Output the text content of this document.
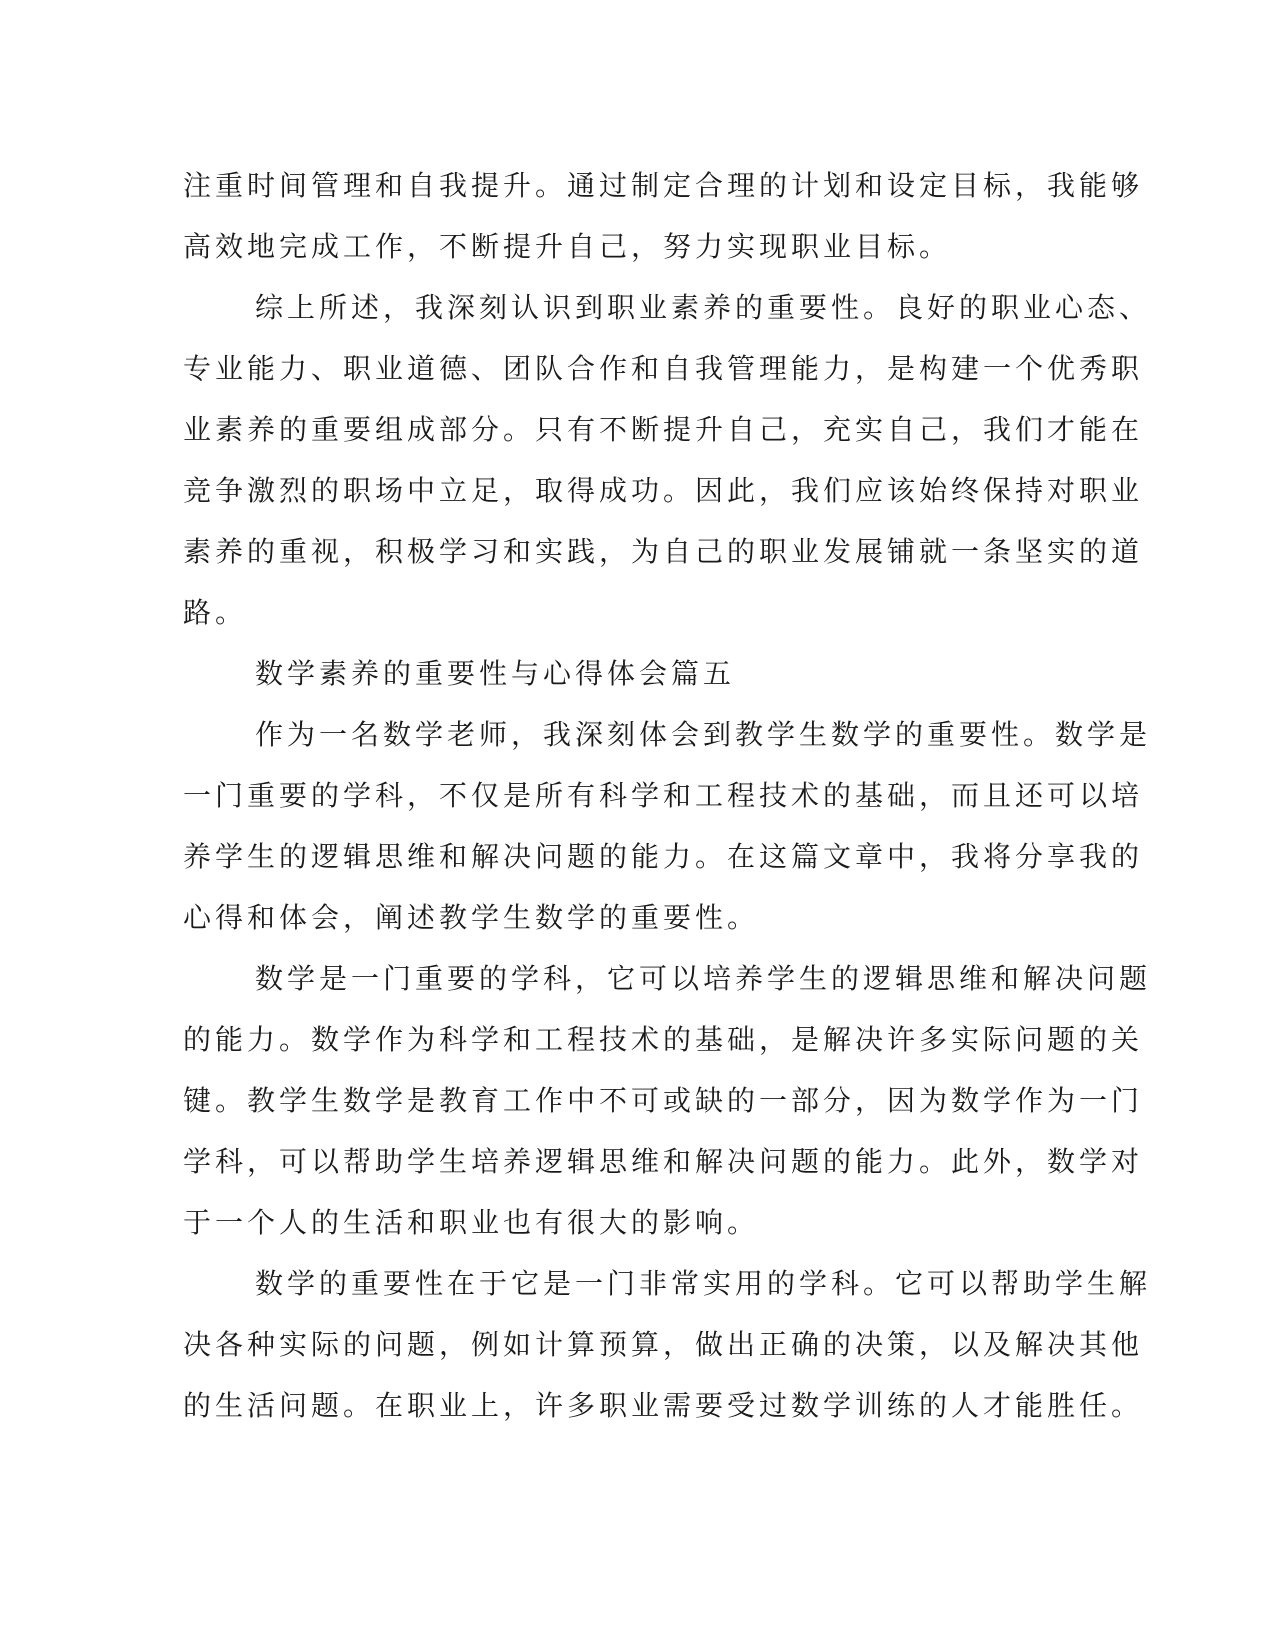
注重时间管理和自我提升。通过制定合理的计划和设定目标，我能够
高效地完成工作，不断提升自己，努力实现职业目标。
综上所述，我深刻认识到职业素养的重要性。良好的职业心态、
专业能力、职业道德、团队合作和自我管理能力，是构建一个优秀职
业素养的重要组成部分。只有不断提升自己，充实自己，我们才能在
竞争激烈的职场中立足，取得成功。因此，我们应该始终保持对职业
素养的重视，积极学习和实践，为自己的职业发展铺就一条坚实的道
路。
数学素养的重要性与心得体会篇五
作为一名数学老师，我深刻体会到教学生数学的重要性。数学是
一门重要的学科，不仅是所有科学和工程技术的基础，而且还可以培
养学生的逻辑思维和解决问题的能力。在这篇文章中，我将分享我的
心得和体会，阐述教学生数学的重要性。
数学是一门重要的学科，它可以培养学生的逻辑思维和解决问题
的能力。数学作为科学和工程技术的基础，是解决许多实际问题的关
键。教学生数学是教育工作中不可或缺的一部分，因为数学作为一门
学科，可以帮助学生培养逻辑思维和解决问题的能力。此外，数学对
于一个人的生活和职业也有很大的影响。
数学的重要性在于它是一门非常实用的学科。它可以帮助学生解
决各种实际的问题，例如计算预算，做出正确的决策，以及解决其他
的生活问题。在职业上，许多职业需要受过数学训练的人才能胜任。
